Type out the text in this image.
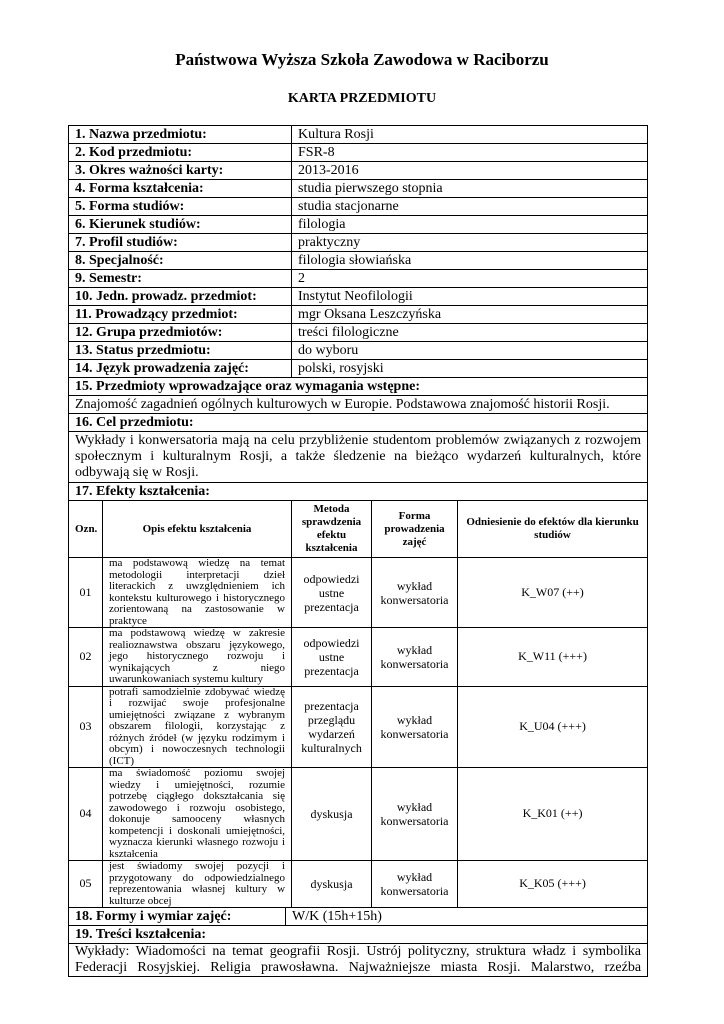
Państwowa Wyższa Szkoła Zawodowa w Raciborzu
KARTA PRZEDMIOTU
1. Nazwa przedmiotu:			Kultura Rosji		
2. Kod przedmiotu:			FSR-8		
3. Okres ważności karty:			2013-2016		
4. Forma kształcenia:			studia pierwszego stopnia		
5. Forma studiów:			studia stacjonarne		
6. Kierunek studiów:			filologia		
7. Profil studiów:			praktyczny		
8. Specjalność:			filologia słowiańska		
9. Semestr:			2		
10. Jedn. prowadz. przedmiot:			Instytut Neofilologii		
11. Prowadzący przedmiot:			mgr Oksana Leszczyńska		
12. Grupa przedmiotów:			treści filologiczne		
13. Status przedmiotu:			do wyboru		
14. Język prowadzenia zajęć:			polski, rosyjski		
15. Przedmioty wprowadzające oraz wymagania wstępne:					
Znajomość zagadnień ogólnych kulturowych w Europie. Podstawowa znajomość historii Rosji.					
16. Cel przedmiotu:					
Wykłady i konwersatoria mają na celu przybliżenie studentom problemów związanych z rozwojem społecznym i kulturalnym Rosji, a także śledzenie na bieżąco wydarzeń kulturalnych, które odbywają się w Rosji.					
17. Efekty kształcenia:					
Ozn.	Opis efektu kształcenia		Metoda sprawdzenia efektu kształcenia	Forma prowadzenia zajęć	Odniesienie do efektów dla kierunku studiów
01	ma podstawową wiedzę na temat metodologii interpretacji dzieł literackich z uwzględnieniem ich kontekstu kulturowego i historycznego zorientowaną na zastosowanie w praktyce		odpowiedzi ustne prezentacja	wykład konwersatoria	K_W07 (++)
02	ma podstawową wiedzę w zakresie realioznawstwa obszaru językowego, jego historycznego rozwoju i wynikających z niego uwarunkowaniach systemu kultury		odpowiedzi ustne prezentacja	wykład konwersatoria	K_W11 (+++)
03	potrafi samodzielnie zdobywać wiedzę i rozwijać swoje profesjonalne umiejętności związane z wybranym obszarem filologii, korzystając z różnych źródeł (w języku rodzimym i obcym) i nowoczesnych technologii (ICT)		prezentacja przeglądu wydarzeń kulturalnych	wykład konwersatoria	K_U04 (+++)
04	ma świadomość poziomu swojej wiedzy i umiejętności, rozumie potrzebę ciągłego dokształcania się zawodowego i rozwoju osobistego, dokonuje samooceny własnych kompetencji i doskonali umiejętności, wyznacza kierunki własnego rozwoju i kształcenia		dyskusja	wykład konwersatoria	K_K01 (++)
05	jest świadomy swojej pozycji i przygotowany do odpowiedzialnego reprezentowania własnej kultury w kulturze obcej		dyskusja	wykład konwersatoria	K_K05 (+++)
18. Formy i wymiar zajęć:		W/K (15h+15h)			
19. Treści kształcenia:					
Wykłady: Wiadomości na temat geografii Rosji. Ustrój polityczny, struktura władz i symbolika Federacji Rosyjskiej. Religia prawosławna. Najważniejsze miasta Rosji. Malarstwo, rzeźba					
